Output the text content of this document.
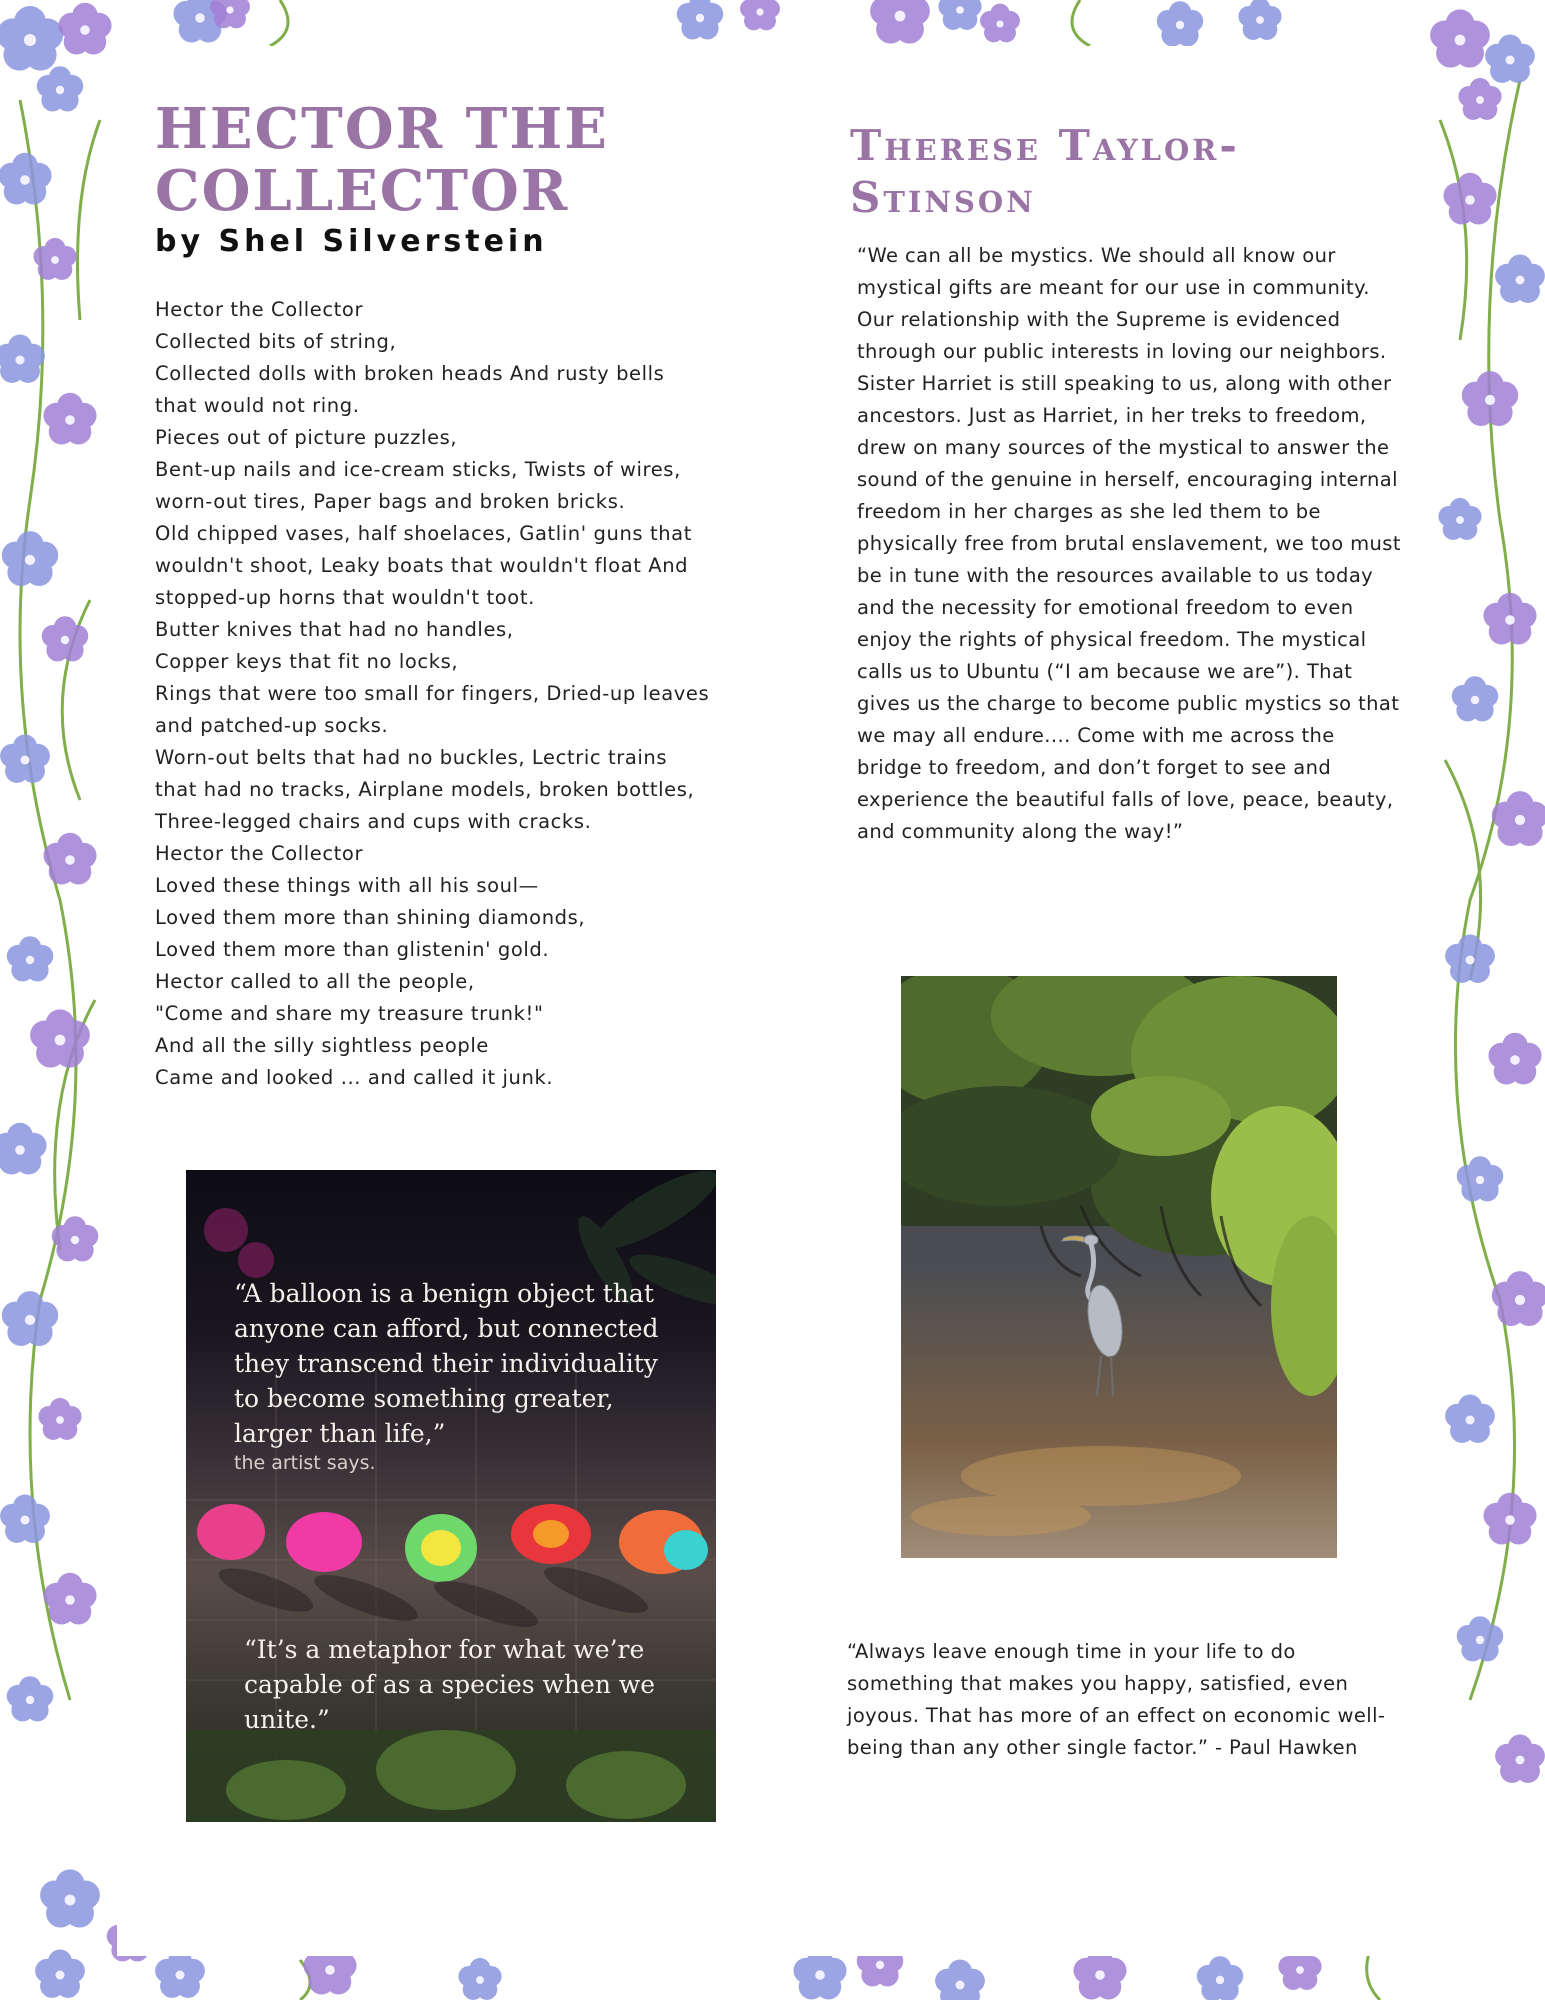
HECTOR THE COLLECTOR

by Shel Silverstein

Hector the Collector
Collected bits of string,
Collected dolls with broken heads And rusty bells
that would not ring.
Pieces out of picture puzzles,
Bent-up nails and ice-cream sticks, Twists of wires,
worn-out tires, Paper bags and broken bricks.
Old chipped vases, half shoelaces, Gatlin' guns that
wouldn't shoot, Leaky boats that wouldn't float And
stopped-up horns that wouldn't toot.
Butter knives that had no handles,
Copper keys that fit no locks,
Rings that were too small for fingers, Dried-up leaves
and patched-up socks.
Worn-out belts that had no buckles, Lectric trains
that had no tracks, Airplane models, broken bottles,
Three-legged chairs and cups with cracks.
Hector the Collector
Loved these things with all his soul—
Loved them more than shining diamonds,
Loved them more than glistenin' gold.
Hector called to all the people,
"Come and share my treasure trunk!"
And all the silly sightless people
Came and looked ... and called it junk.

“A balloon is a benign object that anyone can afford, but connected they transcend their individuality to become something greater, larger than life,”

the artist says.

“It’s a metaphor for what we’re capable of as a species when we unite.”

Therese Taylor-Stinson

“We can all be mystics. We should all know our mystical gifts are meant for our use in community. Our relationship with the Supreme is evidenced through our public interests in loving our neighbors. Sister Harriet is still speaking to us, along with other ancestors. Just as Harriet, in her treks to freedom, drew on many sources of the mystical to answer the sound of the genuine in herself, encouraging internal freedom in her charges as she led them to be physically free from brutal enslavement, we too must be in tune with the resources available to us today and the necessity for emotional freedom to even enjoy the rights of physical freedom. The mystical calls us to Ubuntu (“I am because we are”). That gives us the charge to become public mystics so that we may all endure.... Come with me across the bridge to freedom, and don’t forget to see and experience the beautiful falls of love, peace, beauty, and community along the way!”

“Always leave enough time in your life to do something that makes you happy, satisfied, even joyous. That has more of an effect on economic well-being than any other single factor.” - Paul Hawken
